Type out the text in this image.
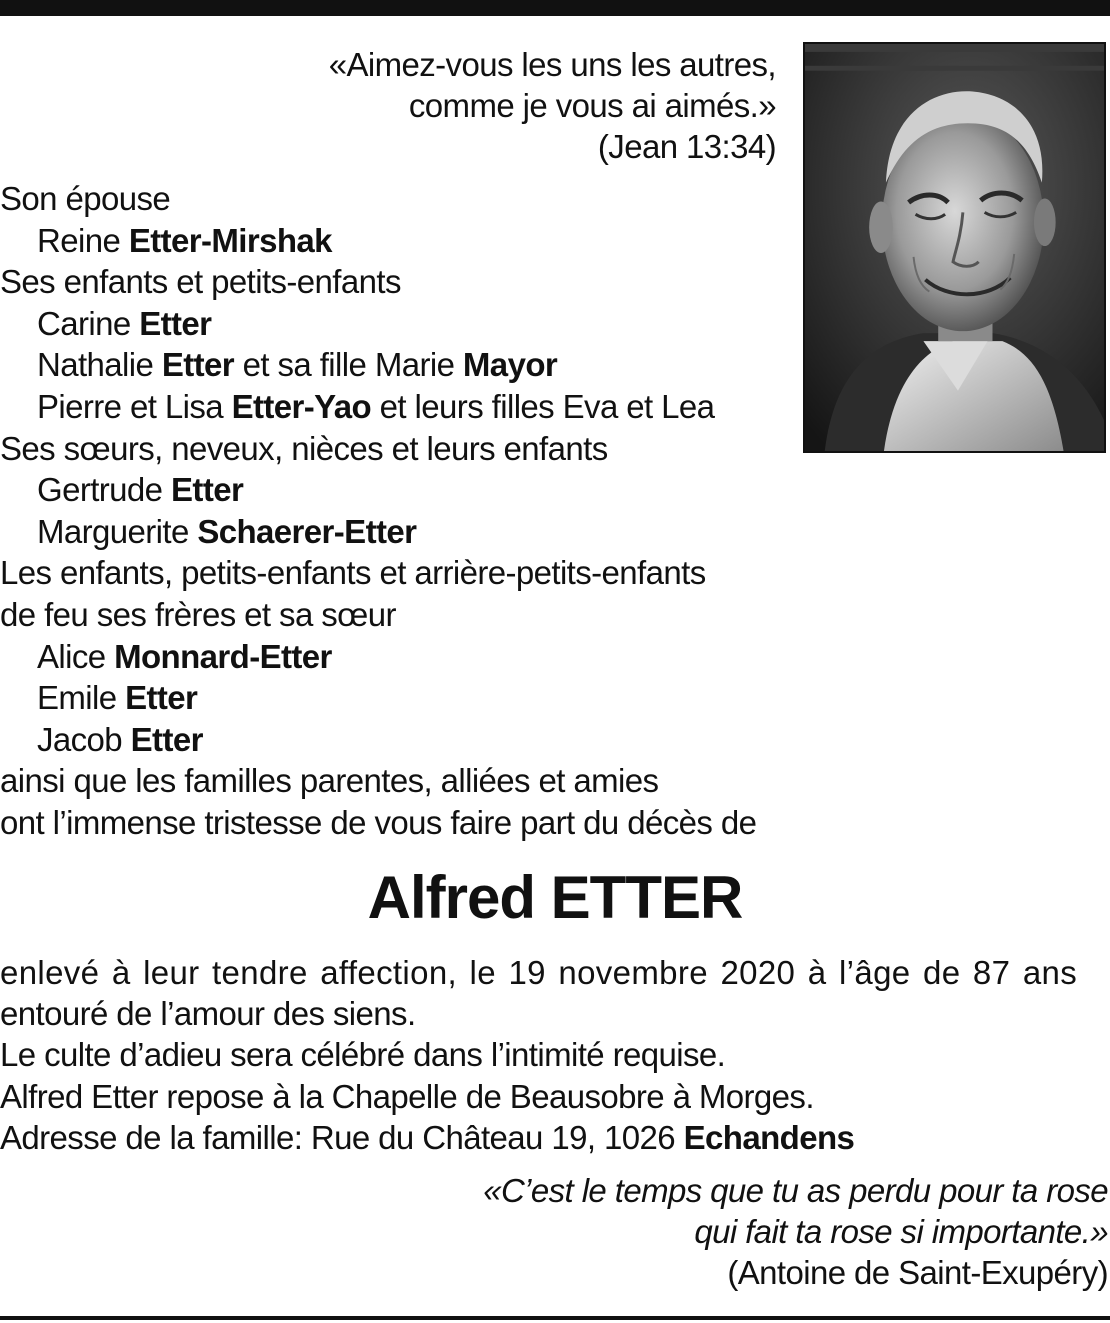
«Aimez-vous les uns les autres,
comme je vous ai aimés.»
(Jean 13:34)
Son épouse
Reine Etter-Mirshak
Ses enfants et petits-enfants
Carine Etter
Nathalie Etter et sa fille Marie Mayor
Pierre et Lisa Etter-Yao et leurs filles Eva et Lea
Ses sœurs, neveux, nièces et leurs enfants
Gertrude Etter
Marguerite Schaerer-Etter
Les enfants, petits-enfants et arrière-petits-enfants
de feu ses frères et sa sœur
Alice Monnard-Etter
Emile Etter
Jacob Etter
ainsi que les familles parentes, alliées et amies
ont l’immense tristesse de vous faire part du décès de
Alfred ETTER
enlevé à leur tendre affection, le 19 novembre 2020 à l’âge de 87 ans
entouré de l’amour des siens.
Le culte d’adieu sera célébré dans l’intimité requise.
Alfred Etter repose à la Chapelle de Beausobre à Morges.
Adresse de la famille: Rue du Château 19, 1026 Echandens
«C’est le temps que tu as perdu pour ta rose
qui fait ta rose si importante.»
(Antoine de Saint-Exupéry)
